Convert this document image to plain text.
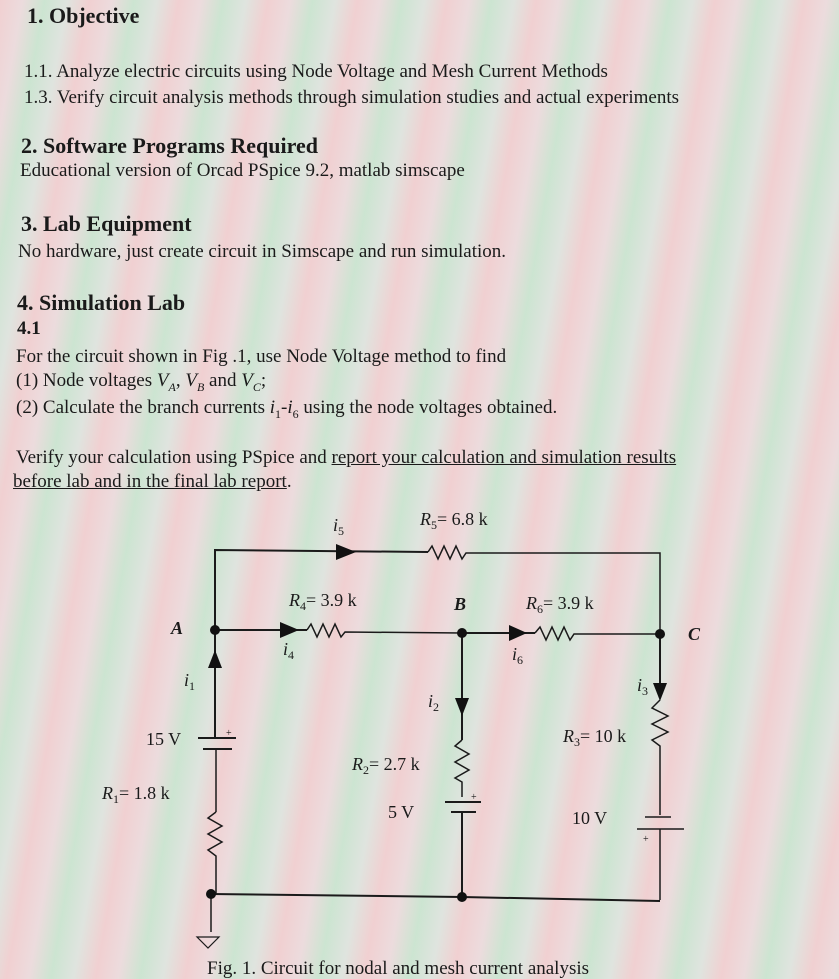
1. Objective
1.1. Analyze electric circuits using Node Voltage and Mesh Current Methods
1.3. Verify circuit analysis methods through simulation studies and actual experiments
2. Software Programs Required
Educational version of Orcad PSpice 9.2, matlab simscape
3. Lab Equipment
No hardware, just create circuit in Simscape and run simulation.
4. Simulation Lab
4.1
For the circuit shown in Fig .1, use Node Voltage method to find
(1) Node voltages $V_A$, $V_B$ and $V_C$;
(2) Calculate the branch currents $i_1-i_6$ using the node voltages obtained.
Verify your calculation using PSpice and report your calculation and simulation results
before lab and in the final lab report.
A
B
C
$R_5= 6.8$ k
$R_4= 3.9$ k	$R_6= 3.9$ k
$R_3= 10$ k
$R_2= 2.7$ k
$R_1= 1.8$ k
15 V
5 V	10 V
$i_5$
$i_4$	$i_6$
$i_1$
$i_2$
$i_3$
+
+
+
Fig. 1. Circuit for nodal and mesh current analysis
